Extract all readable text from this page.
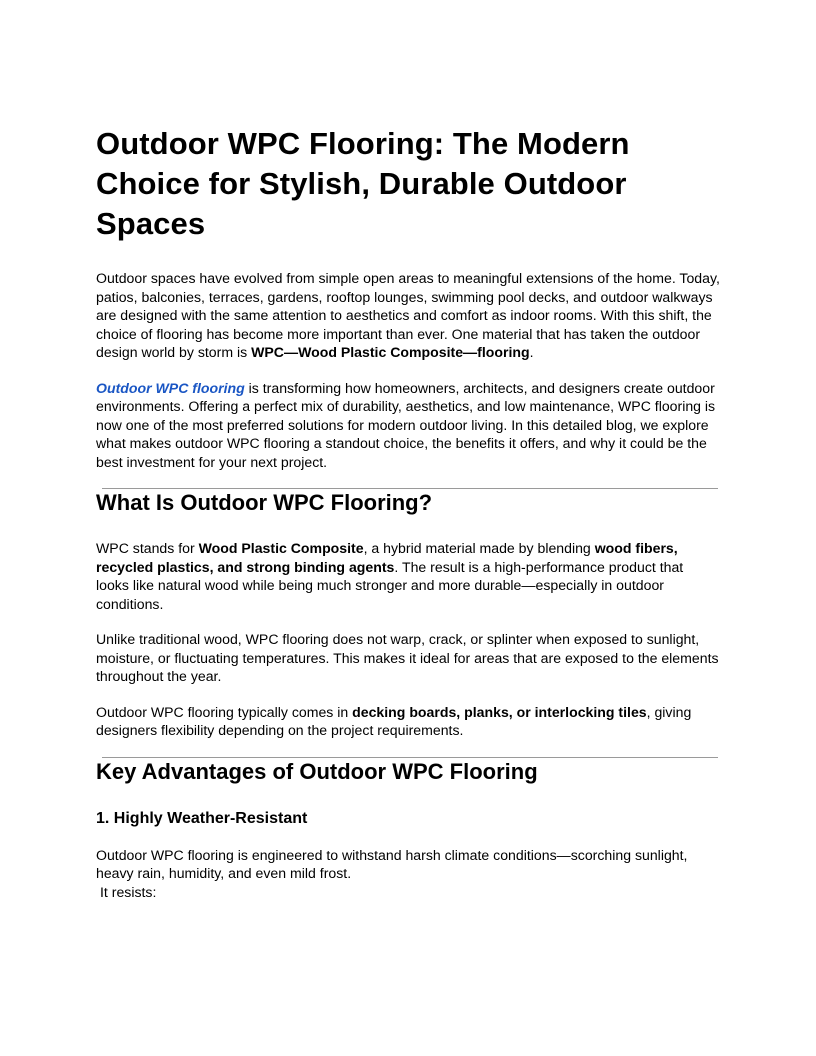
Outdoor WPC Flooring: The Modern Choice for Stylish, Durable Outdoor Spaces

Outdoor spaces have evolved from simple open areas to meaningful extensions of the home. Today, patios, balconies, terraces, gardens, rooftop lounges, swimming pool decks, and outdoor walkways are designed with the same attention to aesthetics and comfort as indoor rooms. With this shift, the choice of flooring has become more important than ever. One material that has taken the outdoor design world by storm is WPC—Wood Plastic Composite—flooring.

Outdoor WPC flooring is transforming how homeowners, architects, and designers create outdoor environments. Offering a perfect mix of durability, aesthetics, and low maintenance, WPC flooring is now one of the most preferred solutions for modern outdoor living. In this detailed blog, we explore what makes outdoor WPC flooring a standout choice, the benefits it offers, and why it could be the best investment for your next project.

What Is Outdoor WPC Flooring?

WPC stands for Wood Plastic Composite, a hybrid material made by blending wood fibers, recycled plastics, and strong binding agents. The result is a high-performance product that looks like natural wood while being much stronger and more durable—especially in outdoor conditions.

Unlike traditional wood, WPC flooring does not warp, crack, or splinter when exposed to sunlight, moisture, or fluctuating temperatures. This makes it ideal for areas that are exposed to the elements throughout the year.

Outdoor WPC flooring typically comes in decking boards, planks, or interlocking tiles, giving designers flexibility depending on the project requirements.

Key Advantages of Outdoor WPC Flooring
1. Highly Weather-Resistant

Outdoor WPC flooring is engineered to withstand harsh climate conditions—scorching sunlight, heavy rain, humidity, and even mild frost.
It resists:
